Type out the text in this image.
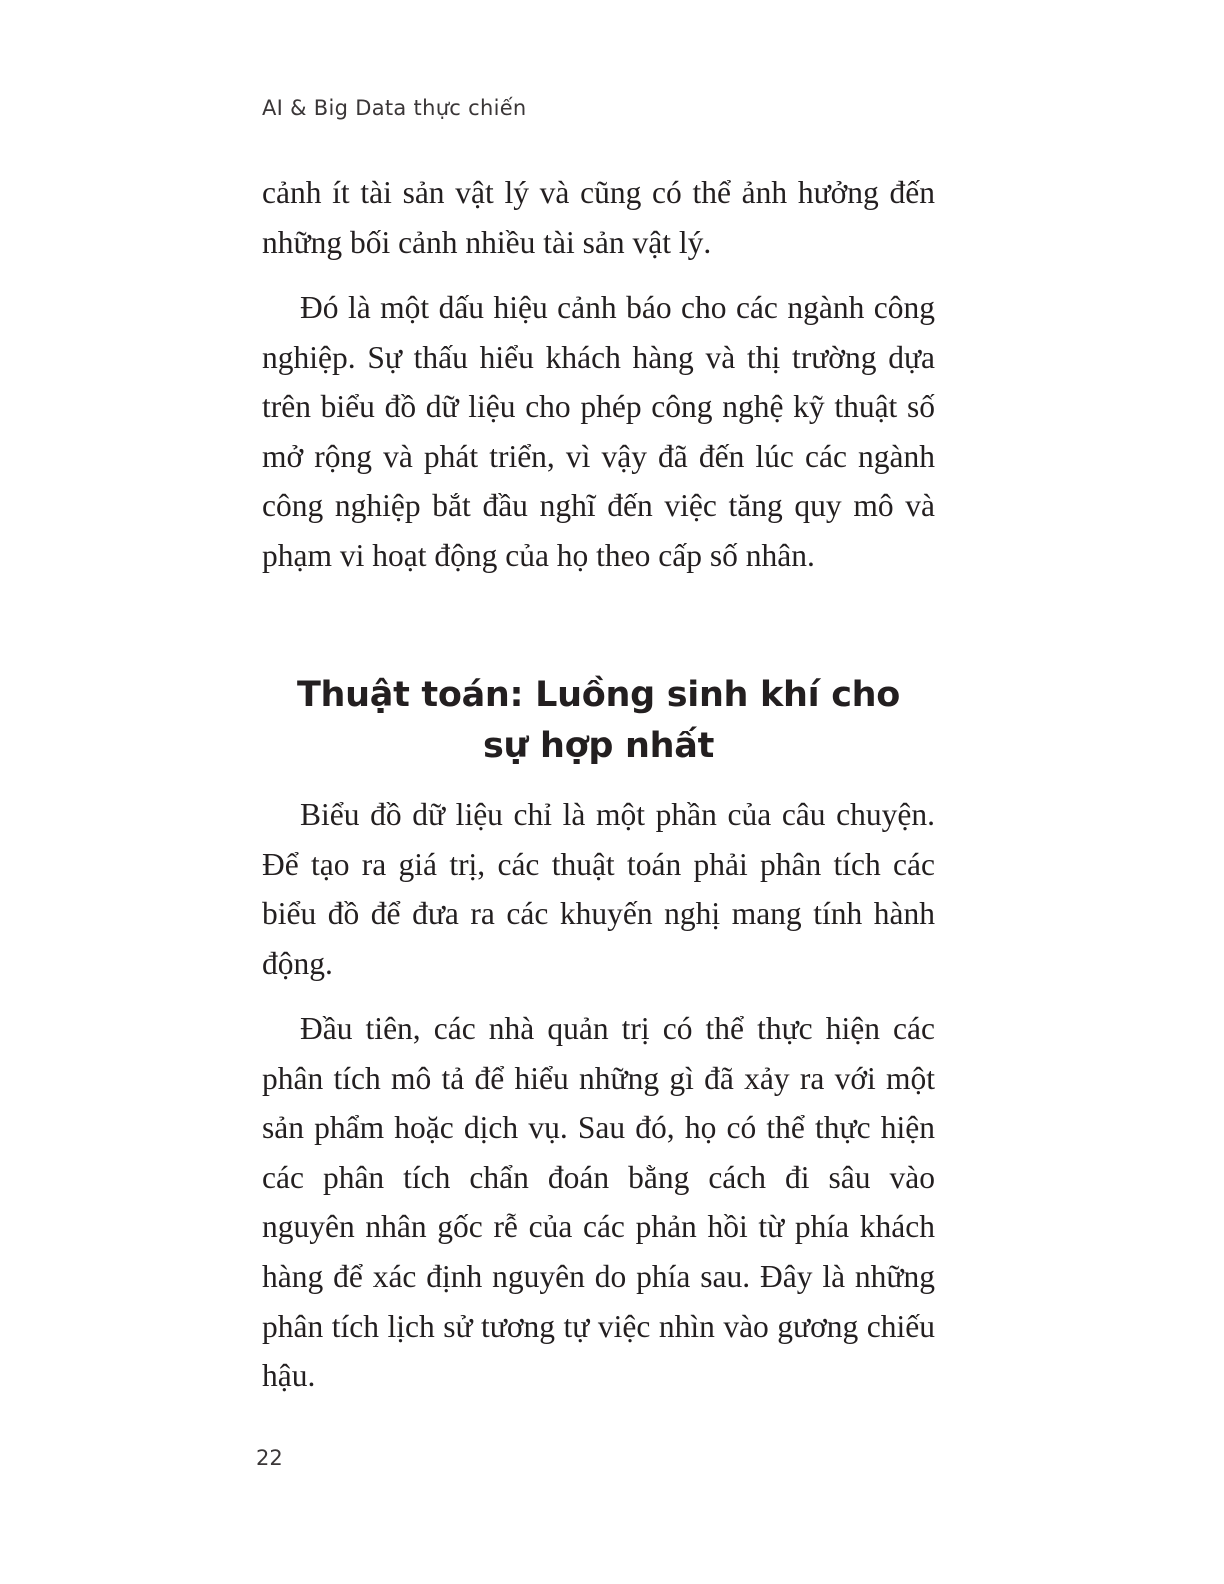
AI & Big Data thực chiến

cảnh ít tài sản vật lý và cũng có thể ảnh hưởng đến những bối cảnh nhiều tài sản vật lý.

Đó là một dấu hiệu cảnh báo cho các ngành công nghiệp. Sự thấu hiểu khách hàng và thị trường dựa trên biểu đồ dữ liệu cho phép công nghệ kỹ thuật số mở rộng và phát triển, vì vậy đã đến lúc các ngành công nghiệp bắt đầu nghĩ đến việc tăng quy mô và phạm vi hoạt động của họ theo cấp số nhân.

Thuật toán: Luồng sinh khí cho
sự hợp nhất

Biểu đồ dữ liệu chỉ là một phần của câu chuyện. Để tạo ra giá trị, các thuật toán phải phân tích các biểu đồ để đưa ra các khuyến nghị mang tính hành động.

Đầu tiên, các nhà quản trị có thể thực hiện các phân tích mô tả để hiểu những gì đã xảy ra với một sản phẩm hoặc dịch vụ. Sau đó, họ có thể thực hiện các phân tích chẩn đoán bằng cách đi sâu vào nguyên nhân gốc rễ của các phản hồi từ phía khách hàng để xác định nguyên do phía sau. Đây là những phân tích lịch sử tương tự việc nhìn vào gương chiếu hậu.

22
